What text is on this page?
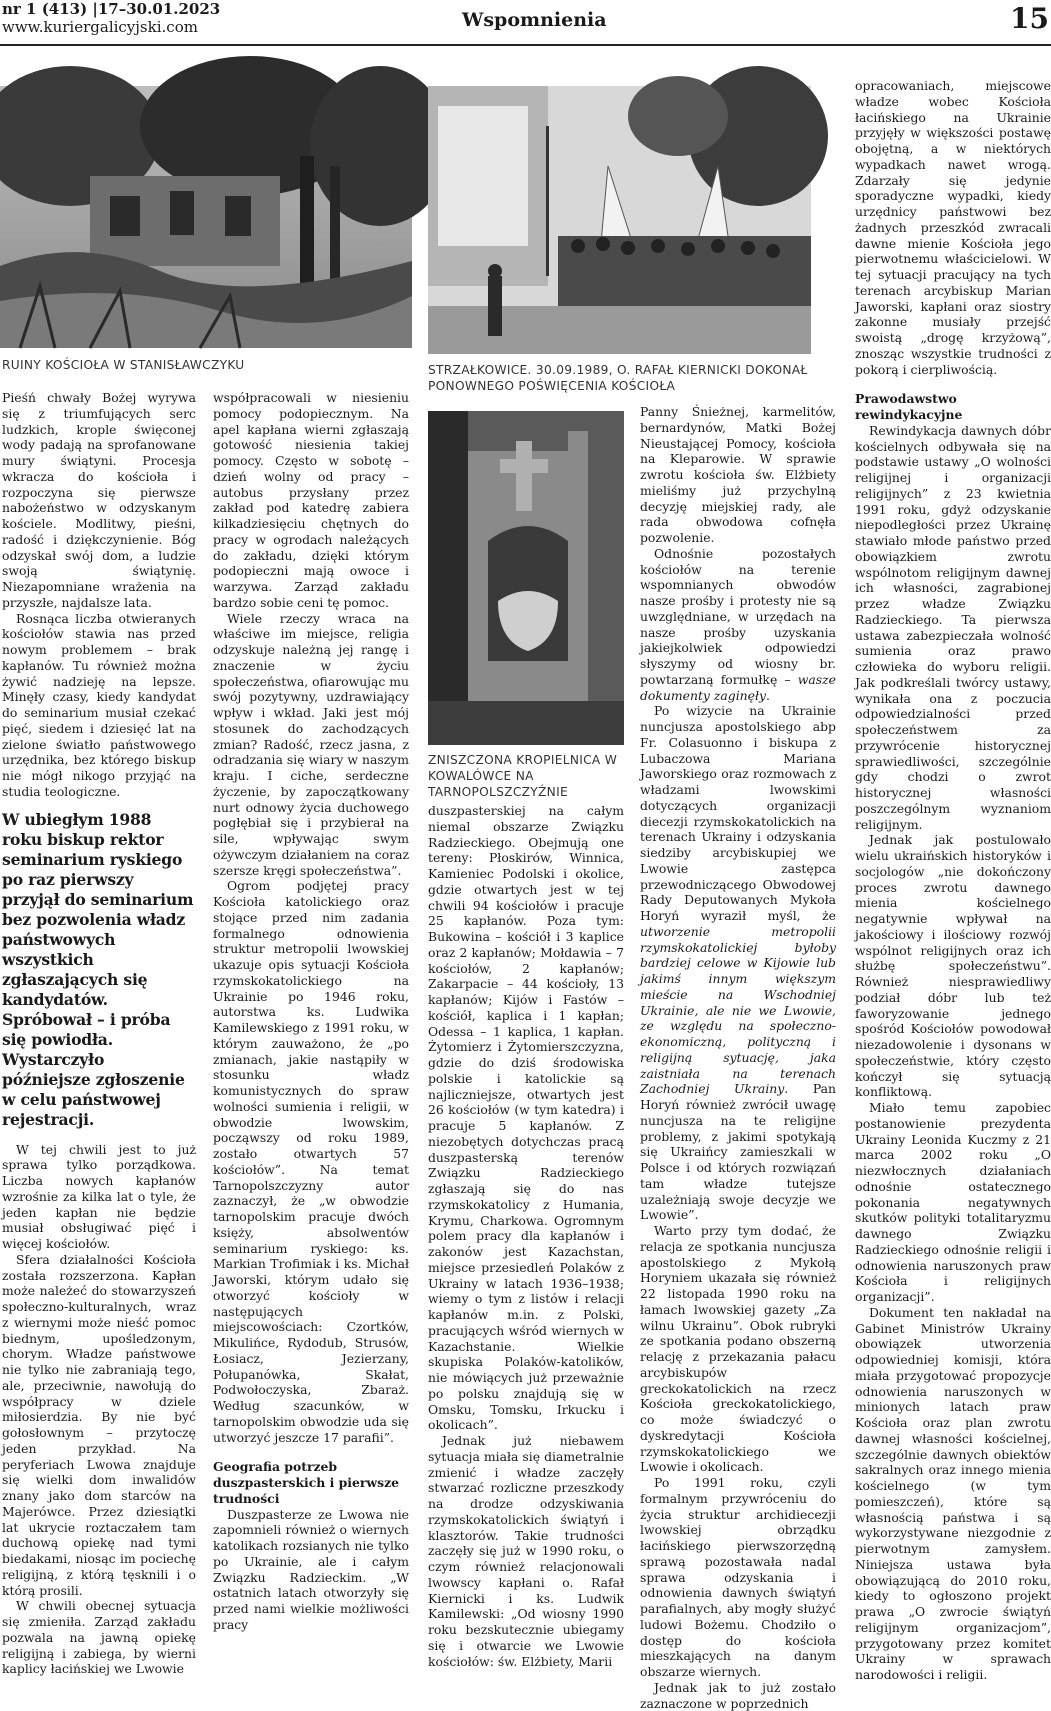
nr 1 (413) |17–30.01.2023
www.kuriergalicyjski.com	Wspomnienia	15
RUINY KOŚCIOŁA W STANISŁAWCZYKU	STRZAŁKOWICE. 30.09.1989, O. RAFAŁ KIERNICKI DOKONAŁ PONOWNEGO POŚWIĘCENIA KOŚCIOŁA
ZNISZCZONA KROPIELNICA W KOWALÓWCE NA TARNOPOLSZCZYŹNIE

Pieśń chwały Bożej wyrywa się z triumfujących serc ludzkich, krople święconej wody padają na sprofanowane mury świątyni. Procesja wkracza do kościoła i rozpoczyna się pierwsze nabożeństwo w odzyskanym kościele. Modlitwy, pieśni, radość i dziękczynienie. Bóg odzyskał swój dom, a ludzie swoją świątynię. Niezapomniane wrażenia na przyszłe, najdalsze lata.

Rosnąca liczba otwieranych kościołów stawia nas przed nowym problemem – brak kapłanów. Tu również można żywić nadzieję na lepsze. Minęły czasy, kiedy kandydat do seminarium musiał czekać pięć, siedem i dziesięć lat na zielone światło państwowego urzędnika, bez którego biskup nie mógł nikogo przyjąć na studia teologiczne.

W ubiegłym 1988 roku biskup rektor seminarium ryskiego po raz pierwszy przyjął do seminarium bez pozwolenia władz państwowych wszystkich zgłaszających się kandydatów. Spróbował – i próba się powiodła. Wystarczyło późniejsze zgłoszenie w celu państwowej rejestracji.

W tej chwili jest to już sprawa tylko porządkowa. Liczba nowych kapłanów wzrośnie za kilka lat o tyle, że jeden kapłan nie będzie musiał obsługiwać pięć i więcej kościołów.

Sfera działalności Kościoła została rozszerzona. Kapłan może należeć do stowarzyszeń społeczno-kulturalnych, wraz z wiernymi może nieść pomoc biednym, upośledzonym, chorym. Władze państwowe nie tylko nie zabraniają tego, ale, przeciwnie, nawołują do współpracy w dziele miłosierdzia. By nie być gołosłownym – przytoczę jeden przykład. Na peryferiach Lwowa znajduje się wielki dom inwalidów znany jako dom starców na Majerówce. Przez dziesiątki lat ukrycie roztaczałem tam duchową opiekę nad tymi biedakami, niosąc im pociechę religijną, z którą tęsknili i o którą prosili.

W chwili obecnej sytuacja się zmieniła. Zarząd zakładu pozwala na jawną opiekę religijną i zabiega, by wierni kaplicy łacińskiej we Lwowie

współpracowali w niesieniu pomocy podopiecznym. Na apel kapłana wierni zgłaszają gotowość niesienia takiej pomocy. Często w sobotę – dzień wolny od pracy – autobus przysłany przez zakład pod katedrę zabiera kilkadziesięciu chętnych do pracy w ogrodach należących do zakładu, dzięki którym podopieczni mają owoce i warzywa. Zarząd zakładu bardzo sobie ceni tę pomoc.

Wiele rzeczy wraca na właściwe im miejsce, religia odzyskuje należną jej rangę i znaczenie w życiu społeczeństwa, ofiarowując mu swój pozytywny, uzdrawiający wpływ i wkład. Jaki jest mój stosunek do zachodzących zmian? Radość, rzecz jasna, z odradzania się wiary w naszym kraju. I ciche, serdeczne życzenie, by zapoczątkowany nurt odnowy życia duchowego pogłębiał się i przybierał na sile, wpływając swym ożywczym działaniem na coraz szersze kręgi społeczeństwa”.

Ogrom podjętej pracy Kościoła katolickiego oraz stojące przed nim zadania formalnego odnowienia struktur metropolii lwowskiej ukazuje opis sytuacji Kościoła rzymskokatolickiego na Ukrainie po 1946 roku, autorstwa ks. Ludwika Kamilewskiego z 1991 roku, w którym zauważono, że „po zmianach, jakie nastąpiły w stosunku władz komunistycznych do spraw wolności sumienia i religii, w obwodzie lwowskim, począwszy od roku 1989, zostało otwartych 57 kościołów”. Na temat Tarnopolszczyzny autor zaznaczył, że „w obwodzie tarnopolskim pracuje dwóch księży, absolwentów seminarium ryskiego: ks. Markian Trofimiak i ks. Michał Jaworski, którym udało się otworzyć kościoły w następujących miejscowościach: Czortków, Mikulińce, Rydodub, Strusów, Łosiacz, Jezierzany, Połupanówka, Skałat, Podwołoczyska, Zbaraż. Według szacunków, w tarnopolskim obwodzie uda się utworzyć jeszcze 17 parafii”.

Geografia potrzeb duszpasterskich i pierwsze trudności

Duszpasterze ze Lwowa nie zapomnieli również o wiernych katolikach rozsianych nie tylko po Ukrainie, ale i całym Związku Radzieckim. „W ostatnich latach otworzyły się przed nami wielkie możliwości pracy

duszpasterskiej na całym niemal obszarze Związku Radzieckiego. Obejmują one tereny: Płoskirów, Winnica, Kamieniec Podolski i okolice, gdzie otwartych jest w tej chwili 94 kościołów i pracuje 25 kapłanów. Poza tym: Bukowina – kościół i 3 kaplice oraz 2 kapłanów; Mołdawia – 7 kościołów, 2 kapłanów; Zakarpacie – 44 kościoły, 13 kapłanów; Kijów i Fastów – kościół, kaplica i 1 kapłan; Odessa – 1 kaplica, 1 kapłan. Żytomierz i Żytomierszczyzna, gdzie do dziś środowiska polskie i katolickie są najliczniejsze, otwartych jest 26 kościołów (w tym katedra) i pracuje 5 kapłanów. Z niezobętych dotychczas pracą duszpasterską terenów Związku Radzieckiego zgłaszają się do nas rzymskokatolicy z Humania, Krymu, Charkowa. Ogromnym polem pracy dla kapłanów i zakonów jest Kazachstan, miejsce przesiedleń Polaków z Ukrainy w latach 1936–1938; wiemy o tym z listów i relacji kapłanów m.in. z Polski, pracujących wśród wiernych w Kazachstanie. Wielkie skupiska Polaków-katolików, nie mówiących już przeważnie po polsku znajdują się w Omsku, Tomsku, Irkucku i okolicach”.

Jednak już niebawem sytuacja miała się diametralnie zmienić i władze zaczęły stwarzać rozliczne przeszkody na drodze odzyskiwania rzymskokatolickich świątyń i klasztorów. Takie trudności zaczęły się już w 1990 roku, o czym również relacjonowali lwowscy kapłani o. Rafał Kiernicki i ks. Ludwik Kamilewski: „Od wiosny 1990 roku bezskutecznie ubiegamy się i otwarcie we Lwowie kościołów: św. Elżbiety, Marii

Panny Śnieżnej, karmelitów, bernardynów, Matki Bożej Nieustającej Pomocy, kościoła na Kleparowie. W sprawie zwrotu kościoła św. Elżbiety mieliśmy już przychylną decyzję miejskiej rady, ale rada obwodowa cofnęła pozwolenie.

Odnośnie pozostałych kościołów na terenie wspomnianych obwodów nasze prośby i protesty nie są uwzględniane, w urzędach na nasze prośby uzyskania jakiejkolwiek odpowiedzi słyszymy od wiosny br. powtarzaną formułkę – wasze dokumenty zaginęły.

Po wizycie na Ukrainie nuncjusza apostolskiego abp Fr. Colasuonno i biskupa z Lubaczowa Mariana Jaworskiego oraz rozmowach z władzami lwowskimi dotyczących organizacji diecezji rzymskokatolickich na terenach Ukrainy i odzyskania siedziby arcybiskupiej we Lwowie zastępca przewodniczącego Obwodowej Rady Deputowanych Mykoła Horyń wyraził myśl, że utworzenie metropolii rzymskokatolickiej byłoby bardziej celowe w Kijowie lub jakimś innym większym mieście na Wschodniej Ukrainie, ale nie we Lwowie, ze względu na społeczno-ekonomiczną, polityczną i religijną sytuację, jaka zaistniała na terenach Zachodniej Ukrainy. Pan Horyń również zwrócił uwagę nuncjusza na te religijne problemy, z jakimi spotykają się Ukraińcy zamieszkali w Polsce i od których rozwiązań tam władze tutejsze uzależniają swoje decyzje we Lwowie”.

Warto przy tym dodać, że relacja ze spotkania nuncjusza apostolskiego z Mykołą Horyniem ukazała się również 22 listopada 1990 roku na łamach lwowskiej gazety „Za wilnu Ukrainu”. Obok rubryki ze spotkania podano obszerną relację z przekazania pałacu arcybiskupów greckokatolickich na rzecz Kościoła greckokatolickiego, co może świadczyć o dyskredytacji Kościoła rzymskokatolickiego we Lwowie i okolicach.

Po 1991 roku, czyli formalnym przywróceniu do życia struktur archidiecezji lwowskiej obrządku łacińskiego pierwszorzędną sprawą pozostawała nadal sprawa odzyskania i odnowienia dawnych świątyń parafialnych, aby mogły służyć ludowi Bożemu. Chodziło o dostęp do kościoła mieszkających na danym obszarze wiernych.

Jednak jak to już zostało zaznaczone w poprzednich

opracowaniach, miejscowe władze wobec Kościoła łacińskiego na Ukrainie przyjęły w większości postawę obojętną, a w niektórych wypadkach nawet wrogą. Zdarzały się jedynie sporadyczne wypadki, kiedy urzędnicy państwowi bez żadnych przeszkód zwracali dawne mienie Kościoła jego pierwotnemu właścicielowi. W tej sytuacji pracujący na tych terenach arcybiskup Marian Jaworski, kapłani oraz siostry zakonne musiały przejść swoistą „drogę krzyżową”, znosząc wszystkie trudności z pokorą i cierpliwością.

Prawodawstwo rewindykacyjne

Rewindykacja dawnych dóbr kościelnych odbywała się na podstawie ustawy „O wolności religijnej i organizacji religijnych” z 23 kwietnia 1991 roku, gdyż odzyskanie niepodległości przez Ukrainę stawiało młode państwo przed obowiązkiem zwrotu wspólnotom religijnym dawnej ich własności, zagrabionej przez władze Związku Radzieckiego. Ta pierwsza ustawa zabezpieczała wolność sumienia oraz prawo człowieka do wyboru religii. Jak podkreślali twórcy ustawy, wynikała ona z poczucia odpowiedzialności przed społeczeństwem za przywrócenie historycznej sprawiedliwości, szczególnie gdy chodzi o zwrot historycznej własności poszczególnym wyznaniom religijnym.

Jednak jak postulowało wielu ukraińskich historyków i socjologów „nie dokończony proces zwrotu dawnego mienia kościelnego negatywnie wpływał na jakościowy i ilościowy rozwój wspólnot religijnych oraz ich służbę społeczeństwu”. Również niesprawiedliwy podział dóbr lub też faworyzowanie jednego spośród Kościołów powodował niezadowolenie i dysonans w społeczeństwie, który często kończył się sytuacją konfliktową.

Miało temu zapobiec postanowienie prezydenta Ukrainy Leonida Kuczmy z 21 marca 2002 roku „O niezwłocznych działaniach odnośnie ostatecznego pokonania negatywnych skutków polityki totalitaryzmu dawnego Związku Radzieckiego odnośnie religii i odnowienia naruszonych praw Kościoła i religijnych organizacji”.

Dokument ten nakładał na Gabinet Ministrów Ukrainy obowiązek utworzenia odpowiedniej komisji, która miała przygotować propozycje odnowienia naruszonych w minionych latach praw Kościoła oraz plan zwrotu dawnej własności kościelnej, szczególnie dawnych obiektów sakralnych oraz innego mienia kościelnego (w tym pomieszczeń), które są własnością państwa i są wykorzystywane niezgodnie z pierwotnym zamysłem. Niniejsza ustawa była obowiązującą do 2010 roku, kiedy to ogłoszono projekt prawa „O zwrocie świątyń religijnym organizacjom”, przygotowany przez komitet Ukrainy w sprawach narodowości i religii.
